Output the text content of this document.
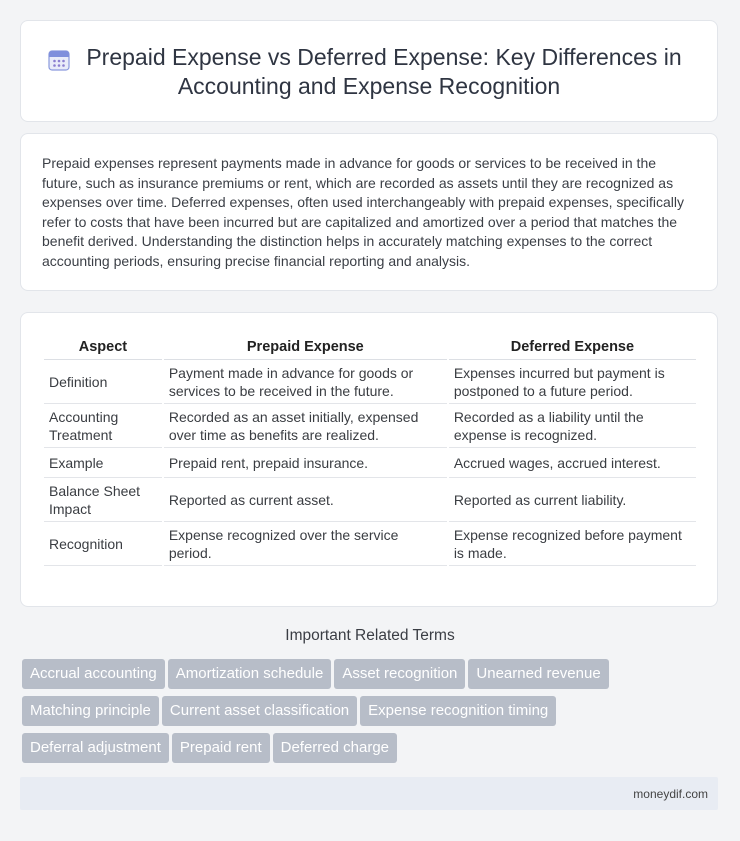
Prepaid Expense vs Deferred Expense: Key Differences in Accounting and Expense Recognition

Prepaid expenses represent payments made in advance for goods or services to be received in the future, such as insurance premiums or rent, which are recorded as assets until they are recognized as expenses over time. Deferred expenses, often used interchangeably with prepaid expenses, specifically refer to costs that have been incurred but are capitalized and amortized over a period that matches the benefit derived. Understanding the distinction helps in accurately matching expenses to the correct accounting periods, ensuring precise financial reporting and analysis.

Aspect	Prepaid Expense	Deferred Expense
Definition	Payment made in advance for goods or services to be received in the future.	Expenses incurred but payment is postponed to a future period.
Accounting Treatment	Recorded as an asset initially, expensed over time as benefits are realized.	Recorded as a liability until the expense is recognized.
Example	Prepaid rent, prepaid insurance.	Accrued wages, accrued interest.
Balance Sheet Impact	Reported as current asset.	Reported as current liability.
Recognition	Expense recognized over the service period.	Expense recognized before payment is made.
Important Related Terms
Accrual accounting Amortization schedule Asset recognition Unearned revenue
Matching principle Current asset classification Expense recognition timing
Deferral adjustment Prepaid rent Deferred charge
moneydif.com
